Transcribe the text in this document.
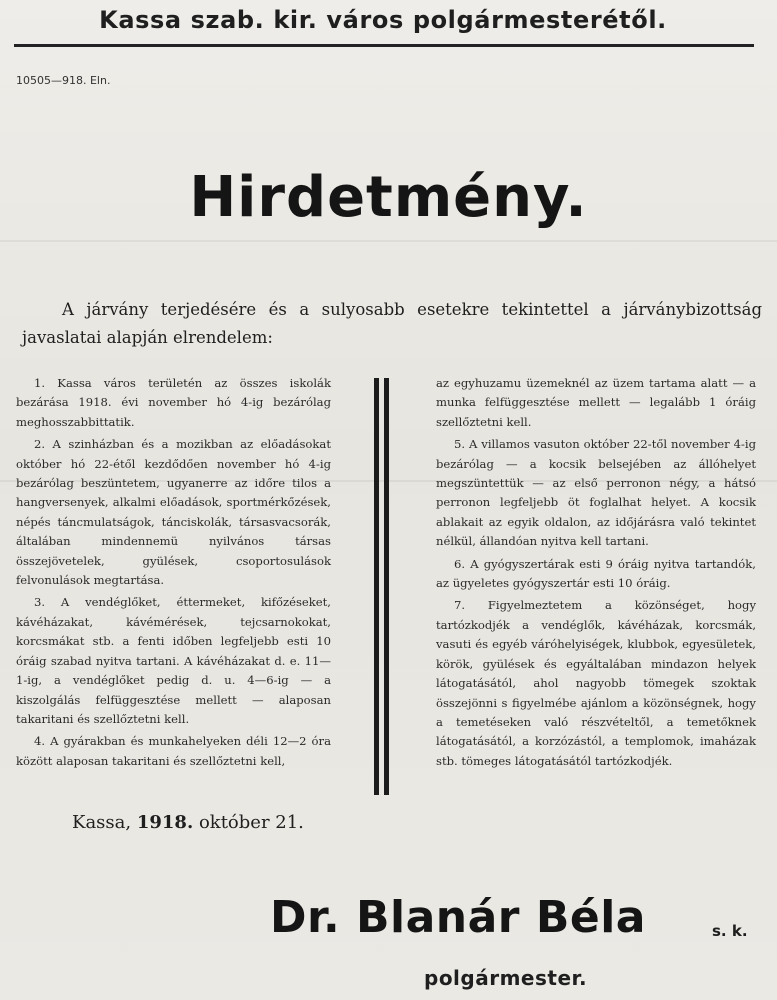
Kassa szab. kir. város polgármesterétől.
10505—918. Eln.
Hirdetmény.
A járvány terjedésére és a sulyosabb esetekre tekintettel a járványbizottság javaslatai alapján elrendelem:

1. Kassa város területén az összes iskolák bezárása 1918. évi november hó 4-ig bezárólag meghosszabbittatik.

2. A szinházban és a mozikban az előadásokat október hó 22-étől kezdődően november hó 4-ig bezárólag beszüntetem, ugyanerre az időre tilos a hangversenyek, alkalmi előadások, sportmérkőzések, népés táncmulatságok, tánciskolák, társasvacsorák, általában mindennemü nyilvános társas összejövetelek, gyülések, csoportosulások felvonulások megtartása.

3. A vendéglőket, éttermeket, kifőzéseket, kávéházakat, kávémérések, tejcsarnokokat, korcsmákat stb. a fenti időben legfeljebb esti 10 óráig szabad nyitva tartani. A kávéházakat d. e. 11—1-ig, a vendéglőket pedig d. u. 4—6-ig — a kiszolgálás felfüggesztése mellett — alaposan takaritani és szellőztetni kell.

4. A gyárakban és munkahelyeken déli 12—2 óra között alaposan takaritani és szellőztetni kell,

az egyhuzamu üzemeknél az üzem tartama alatt — a munka felfüggesztése mellett — legalább 1 óráig szellőztetni kell.

5. A villamos vasuton október 22-től november 4-ig bezárólag — a kocsik belsejében az állóhelyet megszüntettük — az első perronon négy, a hátsó perronon legfeljebb öt foglalhat helyet. A kocsik ablakait az egyik oldalon, az időjárásra való tekintet nélkül, állandóan nyitva kell tartani.

6. A gyógyszertárak esti 9 óráig nyitva tartandók, az ügyeletes gyógyszertár esti 10 óráig.

7. Figyelmeztetem a közönséget, hogy tartózkodjék a vendéglők, kávéházak, korcsmák, vasuti és egyéb váróhelyiségek, klubbok, egyesületek, körök, gyülések és egyáltalában mindazon helyek látogatásától, ahol nagyobb tömegek szoktak összejönni s figyelmébe ajánlom a közönségnek, hogy a temetéseken való részvételtől, a temetőknek látogatásától, a korzózástól, a templomok, imaházak stb. tömeges látogatásától tartózkodjék.

Kassa, 1918. október 21.
Dr. Blanár Béla	s. k.
polgármester.
